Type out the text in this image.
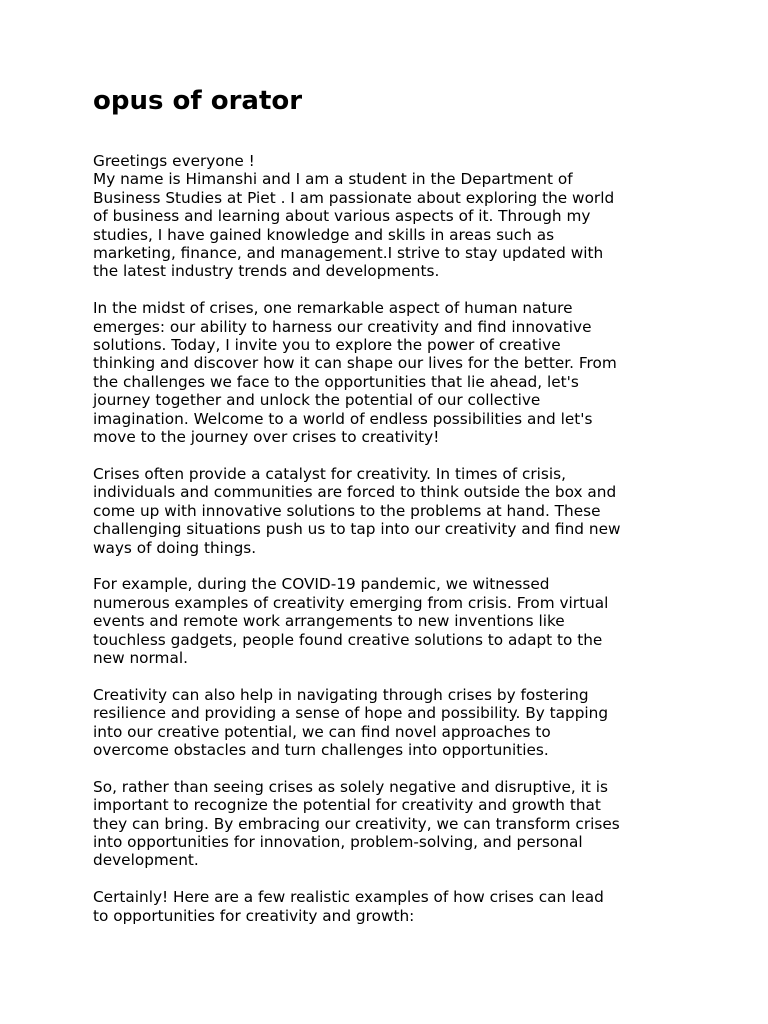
opus of orator

Greetings everyone !
My name is Himanshi and I am a student in the Department of
Business Studies at Piet . I am passionate about exploring the world
of business and learning about various aspects of it. Through my
studies, I have gained knowledge and skills in areas such as
marketing, finance, and management.I strive to stay updated with
the latest industry trends and developments.

In the midst of crises, one remarkable aspect of human nature
emerges: our ability to harness our creativity and find innovative
solutions. Today, I invite you to explore the power of creative
thinking and discover how it can shape our lives for the better. From
the challenges we face to the opportunities that lie ahead, let's
journey together and unlock the potential of our collective
imagination. Welcome to a world of endless possibilities and let's
move to the journey over crises to creativity!

Crises often provide a catalyst for creativity. In times of crisis,
individuals and communities are forced to think outside the box and
come up with innovative solutions to the problems at hand. These
challenging situations push us to tap into our creativity and find new
ways of doing things.

For example, during the COVID-19 pandemic, we witnessed
numerous examples of creativity emerging from crisis. From virtual
events and remote work arrangements to new inventions like
touchless gadgets, people found creative solutions to adapt to the
new normal.

Creativity can also help in navigating through crises by fostering
resilience and providing a sense of hope and possibility. By tapping
into our creative potential, we can find novel approaches to
overcome obstacles and turn challenges into opportunities.

So, rather than seeing crises as solely negative and disruptive, it is
important to recognize the potential for creativity and growth that
they can bring. By embracing our creativity, we can transform crises
into opportunities for innovation, problem-solving, and personal
development.

Certainly! Here are a few realistic examples of how crises can lead
to opportunities for creativity and growth:
